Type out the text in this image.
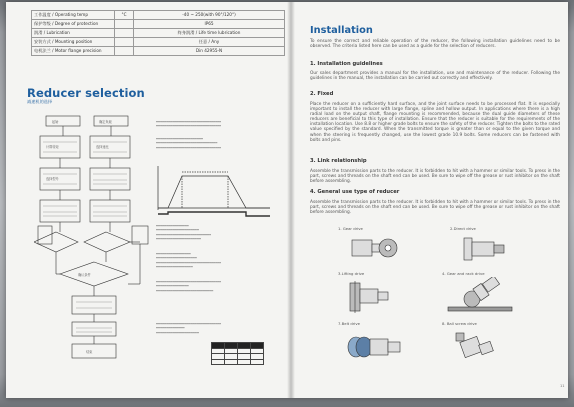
工作温度 / Operating temp	°C	-40 ~ 250(with 90°/120°)
保护等级 / Degree of protection		IP65
润滑 / Lubrication		终身润滑 / Life time lubrication
安装方式 / Mounting position		任意 / Any
电机法兰 / Motor flange precision		Din 42955-N
Reducer selection
减速机的选择
起始	确定负载
计算转矩	选择速比
选择型号
确认条件
结束
━━━━━━━━━━━━━━━━━━━━━━━━━━━━━━━━
━━━━━━━━━━━━━━━━━━━━━━━━━━━━━━━━
━━━━━━━━━━━━━━━━━━━━━━━
━━━━━━━━━━━━━━━━━━━━━━━━━━━━━━
━━━━━━━━━━━━━━━━━━━━━━━━━━━━━━━━
━━━━━━━━━━━━━━━━
━━━━━━━━━━━━━━━━━━━━━
━━━━━━━━━━━━━━━━━━━━━━━━━━━
━━━━━━━━━━━━━━━━━━━━━━
━━━━━━━━━━━━━━━━━
━━━━━━━━━━━━━━━━━━━━
━━━━━━━━━━━━━━━━━━━━━━━━━━━━━━━━
━━━━━━━━━━━━━━━━━━
━━━━━━━━━━━━━━━━━━━━━━━━━━━━━━━━
━━━━━━━━━━━━━━━━
━━━━━━━━━━━━━━━━━━━━━━━━━━━━
━━━━━━━━━━━━━━━━━━━━━━━━━━━━━━━━
━━━━━━━━━━━━━━
━━━━━━━━━━━━━━━━━━━━━

Installation

To ensure the correct and reliable operation of the reducer, the following installation guidelines need to be observed. The criteria listed here can be used as a guide for the selection of reducers.

1. Installation guidelines

Our sales department provides a manual for the installation, use and maintenance of the reducer. Following the guidelines in the manual, the installation can be carried out correctly and effectively.

2. Fixed

Place the reducer on a sufficiently hard surface, and the joint surface needs to be processed flat. It is especially important to install the reducer with large flange, spline and hollow output. In applications where there is a high radial load on the output shaft, flange mounting is recommended, because the dual guide diameters of these reducers are beneficial to this type of installation. Ensure that the reducer is suitable for the requirements of the installation location. Use 8.8 or higher grade bolts to ensure the safety of the reducer. Tighten the bolts to the rated value specified by the standard. When the transmitted torque is greater than or equal to the given torque and when the steering is frequently changed, use the lowest grade 10.9 bolts. Some reducers can be fastened with bolts and pins.

3. Link relationship

Assemble the transmission parts to the reducer. It is forbidden to hit with a hammer or similar tools. To press in the part, screws and threads on the shaft end can be used. Be sure to wipe off the grease or rust inhibitor on the shaft before assembling.

4. General use type of reducer

Assemble the transmission parts to the reducer. It is forbidden to hit with a hammer or similar tools. To press in the part, screws and threads on the shaft end can be used. Be sure to wipe off the grease or rust inhibitor on the shaft before assembling.

1. Gear drive	2.Direct drive
3.Lifting drive	4. Gear and rack drive
7.Belt drive	8. Ball screw drive
11
